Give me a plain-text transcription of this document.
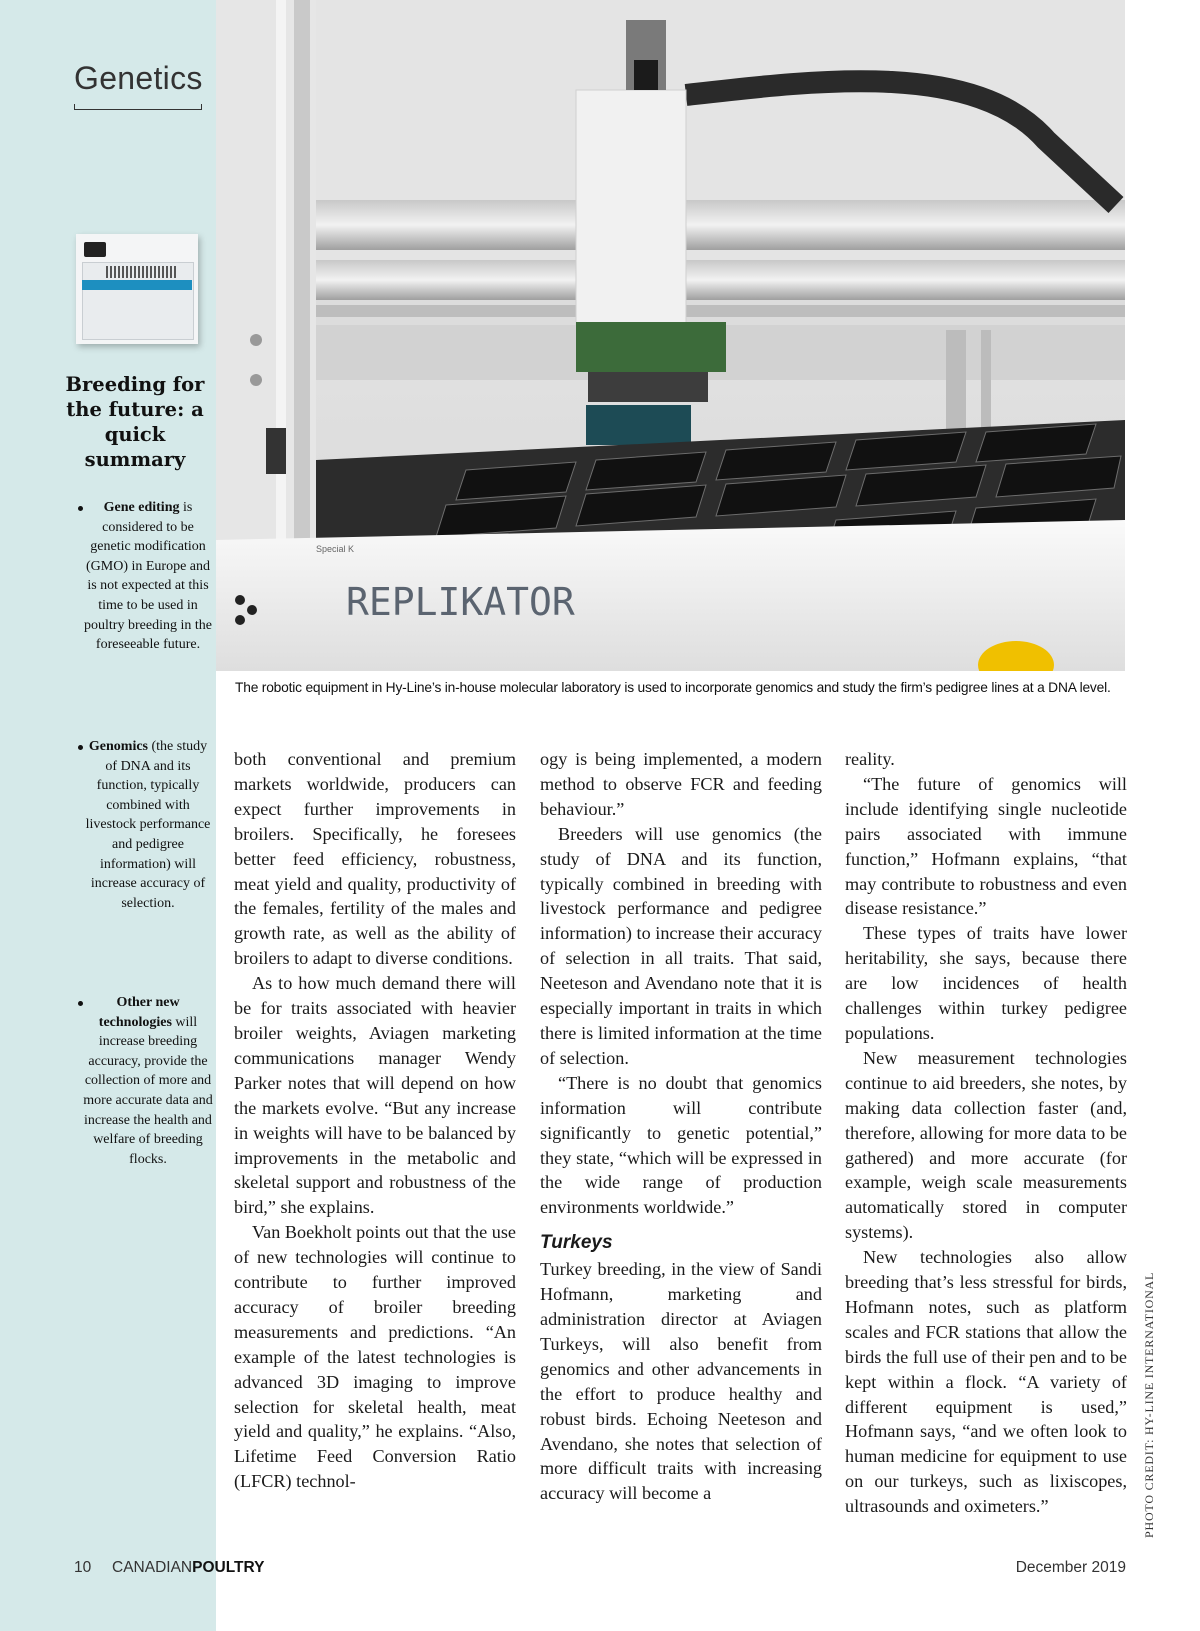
Genetics
Breeding for the future: a quick summary
Gene editing is considered to be genetic modification (GMO) in Europe and is not expected at this time to be used in poultry breeding in the foreseeable future.
Genomics (the study of DNA and its function, typically combined with livestock performance and pedigree information) will increase accuracy of selection.
Other new technologies will increase breeding accuracy, provide the collection of more and more accurate data and increase the health and welfare of breeding flocks.
REPLIKATOR
Special K
The robotic equipment in Hy-Line’s in-house molecular laboratory is used to incorporate genomics and study the firm’s pedigree lines at a DNA level.

both conventional and premium markets worldwide, producers can expect further improvements in broilers. Specifically, he foresees better feed efficiency, robustness, meat yield and quality, productivity of the females, fertility of the males and growth rate, as well as the ability of broilers to adapt to diverse conditions.

As to how much demand there will be for traits associated with heavier broiler weights, Aviagen marketing communications manager Wendy Parker notes that will depend on how the markets evolve. “But any increase in weights will have to be balanced by improvements in the metabolic and skeletal support and robustness of the bird,” she explains.

Van Boekholt points out that the use of new technologies will continue to contribute to further improved accuracy of broiler breeding measurements and predictions. “An example of the latest technologies is advanced 3D imaging to improve selection for skeletal health, meat yield and quality,” he explains. “Also, Lifetime Feed Conversion Ratio (LFCR) technol-

ogy is being implemented, a modern method to observe FCR and feeding behaviour.”

Breeders will use genomics (the study of DNA and its function, typically combined in breeding with livestock performance and pedigree information) to increase their accuracy of selection in all traits. That said, Neeteson and Avendano note that it is especially important in traits in which there is limited information at the time of selection.

“There is no doubt that genomics information will contribute significantly to genetic potential,” they state, “which will be expressed in the wide range of production environments worldwide.”

Turkeys

Turkey breeding, in the view of Sandi Hofmann, marketing and administration director at Aviagen Turkeys, will also benefit from genomics and other advancements in the effort to produce healthy and robust birds. Echoing Neeteson and Avendano, she notes that selection of more difficult traits with increasing accuracy will become a

reality.

“The future of genomics will include identifying single nucleotide pairs associated with immune function,” Hofmann explains, “that may contribute to robustness and even disease resistance.”

These types of traits have lower heritability, she says, because there are low incidences of health challenges within turkey pedigree populations.

New measurement technologies continue to aid breeders, she notes, by making data collection faster (and, therefore, allowing for more data to be gathered) and more accurate (for example, weigh scale measurements automatically stored in computer systems).

New technologies also allow breeding that’s less stressful for birds, Hofmann notes, such as platform scales and FCR stations that allow the birds the full use of their pen and to be kept within a flock. “A variety of different equipment is used,” Hofmann says, “and we often look to human medicine for equipment to use on our turkeys, such as lixiscopes, ultrasounds and oximeters.”	PHOTO CREDIT: HY-LINE INTERNATIONAL
10 CANADIANPOULTRY	December 2019
